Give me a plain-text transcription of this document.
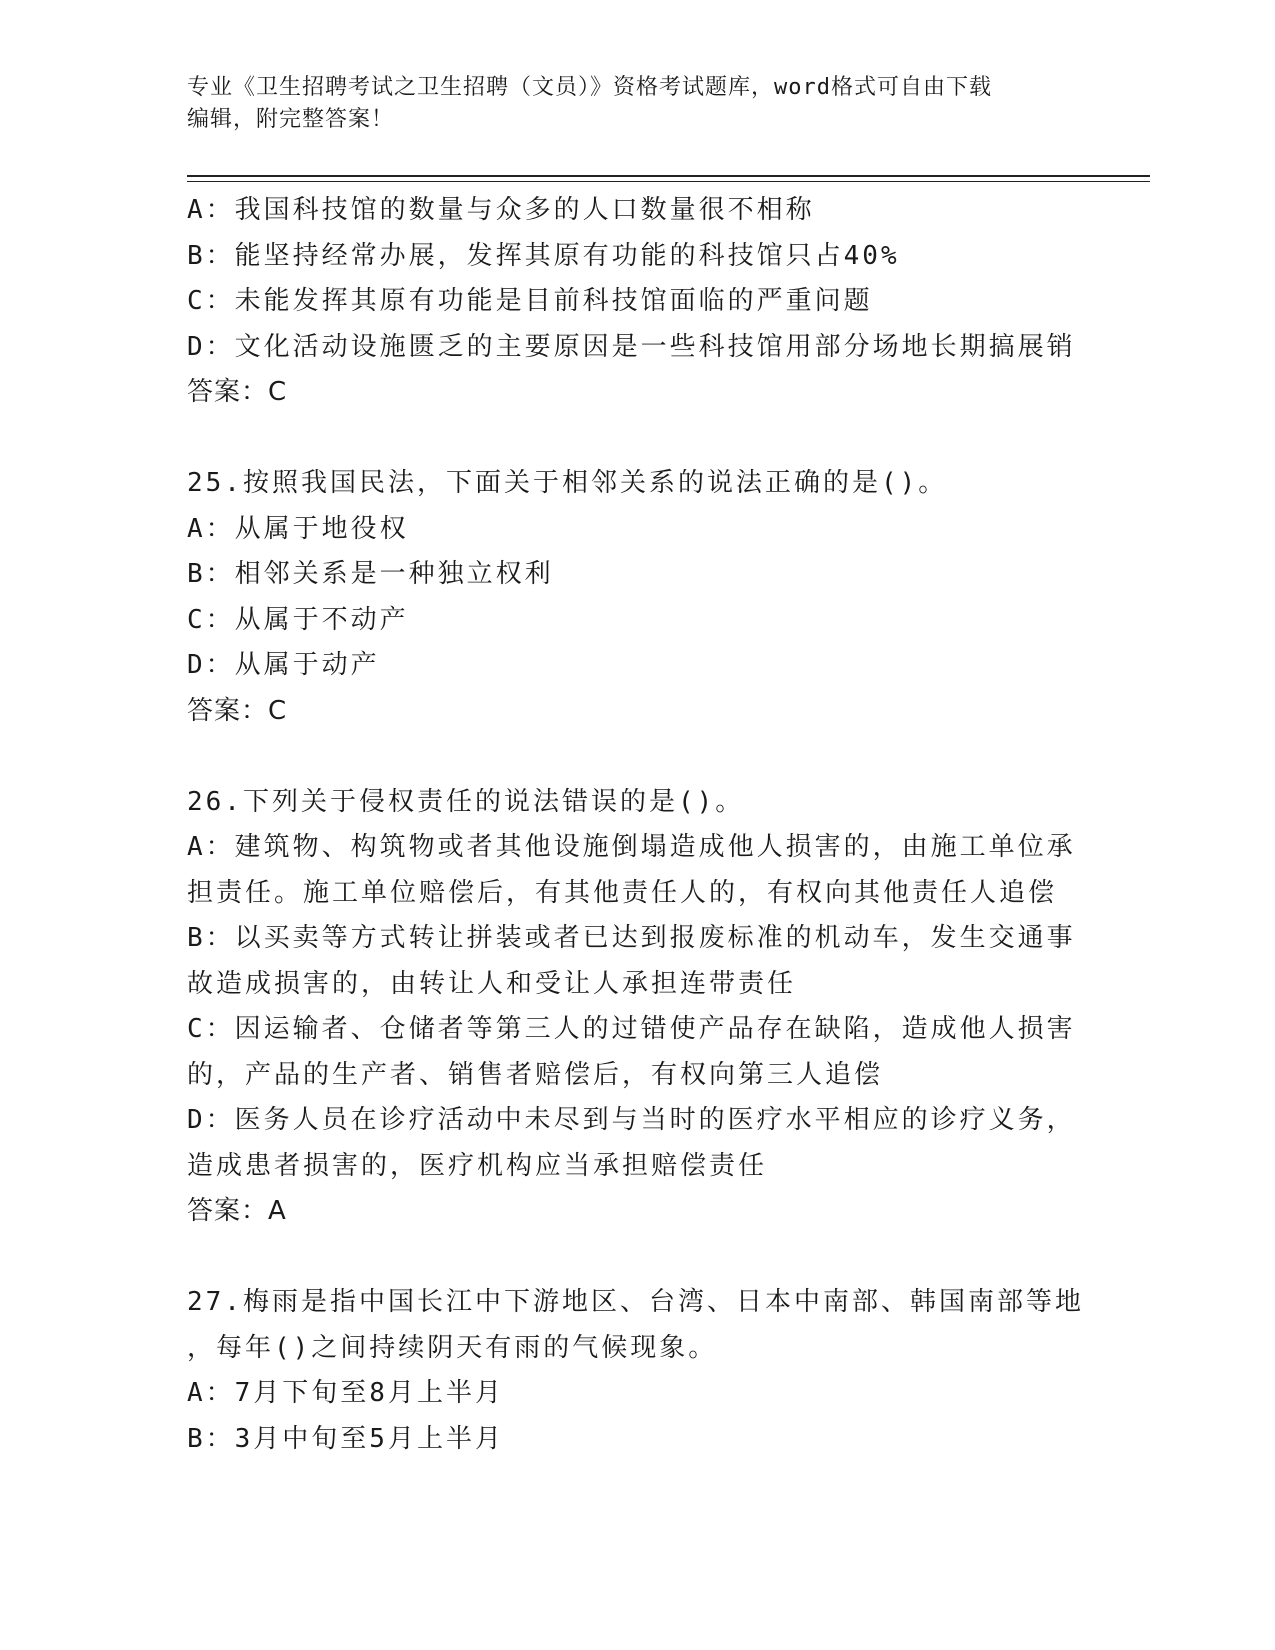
专业《卫生招聘考试之卫生招聘（文员）》资格考试题库，word格式可自由下载
编辑，附完整答案！
A：我国科技馆的数量与众多的人口数量很不相称
B：能坚持经常办展，发挥其原有功能的科技馆只占40%
C：未能发挥其原有功能是目前科技馆面临的严重问题
D：文化活动设施匮乏的主要原因是一些科技馆用部分场地长期搞展销
答案：C
25.按照我国民法，下面关于相邻关系的说法正确的是()。
A：从属于地役权
B：相邻关系是一种独立权利
C：从属于不动产
D：从属于动产
答案：C
26.下列关于侵权责任的说法错误的是()。
A：建筑物、构筑物或者其他设施倒塌造成他人损害的，由施工单位承
担责任。施工单位赔偿后，有其他责任人的，有权向其他责任人追偿
B：以买卖等方式转让拼装或者已达到报废标准的机动车，发生交通事
故造成损害的，由转让人和受让人承担连带责任
C：因运输者、仓储者等第三人的过错使产品存在缺陷，造成他人损害
的，产品的生产者、销售者赔偿后，有权向第三人追偿
D：医务人员在诊疗活动中未尽到与当时的医疗水平相应的诊疗义务，
造成患者损害的，医疗机构应当承担赔偿责任
答案：A
27.梅雨是指中国长江中下游地区、台湾、日本中南部、韩国南部等地
，每年()之间持续阴天有雨的气候现象。
A：7月下旬至8月上半月
B：3月中旬至5月上半月
